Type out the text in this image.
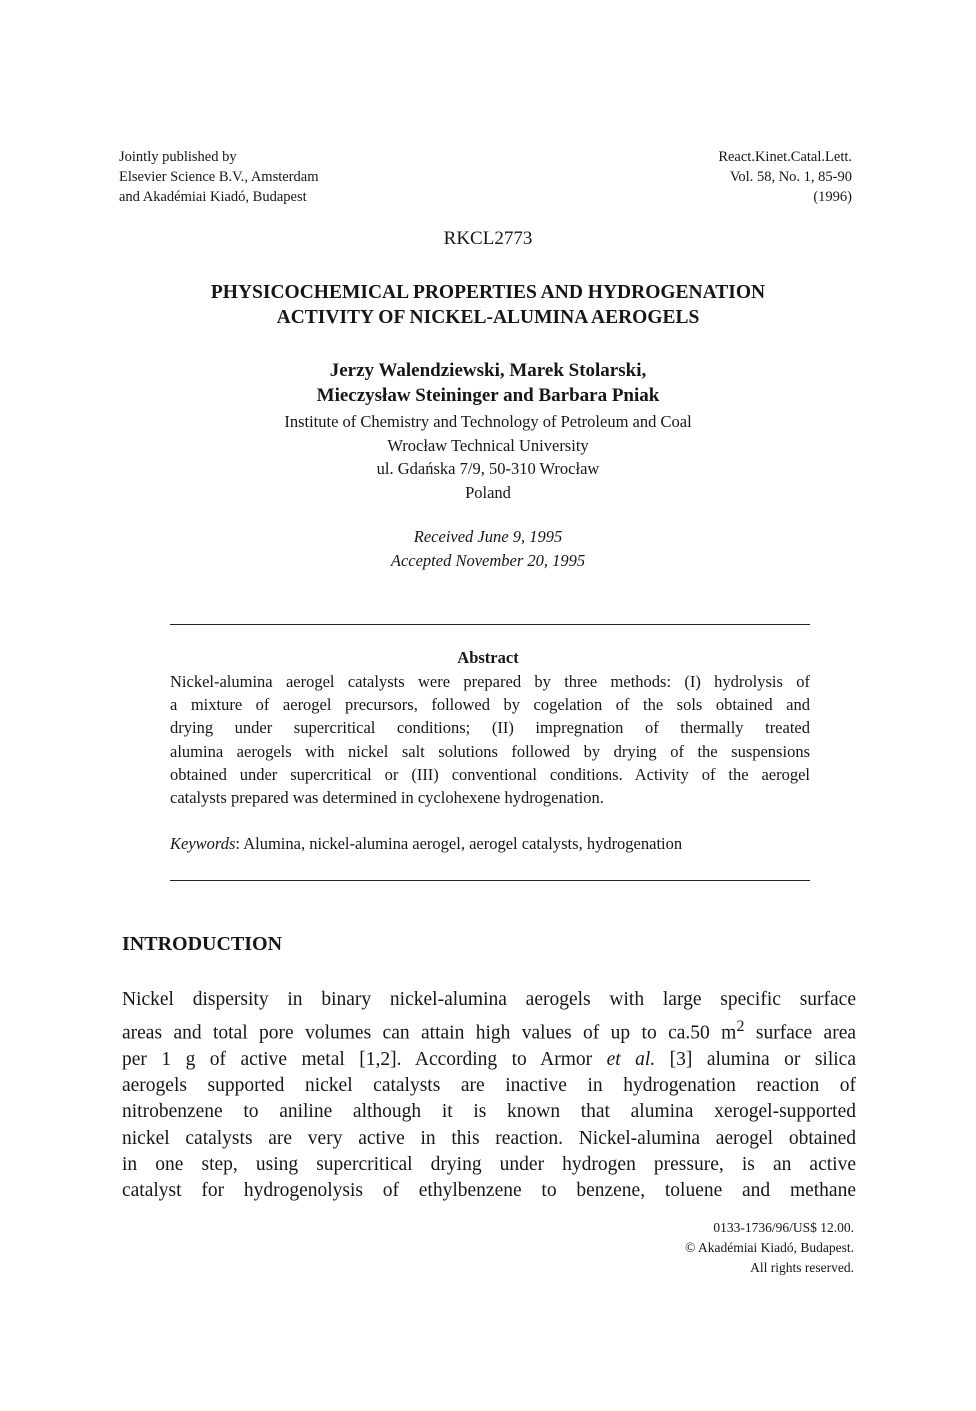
Jointly published by
Elsevier Science B.V., Amsterdam
and Akadémiai Kiadó, Budapest
React.Kinet.Catal.Lett.
Vol. 58, No. 1, 85-90
(1996)
RKCL2773
PHYSICOCHEMICAL PROPERTIES AND HYDROGENATION
ACTIVITY OF NICKEL-ALUMINA AEROGELS
Jerzy Walendziewski, Marek Stolarski,
Mieczysław Steininger and Barbara Pniak
Institute of Chemistry and Technology of Petroleum and Coal
Wrocław Technical University
ul. Gdańska 7/9, 50-310 Wrocław
Poland
Received June 9, 1995
Accepted November 20, 1995
Abstract
Nickel-alumina aerogel catalysts were prepared by three methods: (I) hydrolysis of
a mixture of aerogel precursors, followed by cogelation of the sols obtained and
drying under supercritical conditions; (II) impregnation of thermally treated
alumina aerogels with nickel salt solutions followed by drying of the suspensions
obtained under supercritical or (III) conventional conditions. Activity of the aerogel
catalysts prepared was determined in cyclohexene hydrogenation.
Keywords: Alumina, nickel-alumina aerogel, aerogel catalysts, hydrogenation
INTRODUCTION
Nickel dispersity in binary nickel-alumina aerogels with large specific surface
areas and total pore volumes can attain high values of up to ca.50 $m^2$ surface area
per 1 g of active metal [1,2]. According to Armor et al. [3] alumina or silica
aerogels supported nickel catalysts are inactive in hydrogenation reaction of
nitrobenzene to aniline although it is known that alumina xerogel-supported
nickel catalysts are very active in this reaction. Nickel-alumina aerogel obtained
in one step, using supercritical drying under hydrogen pressure, is an active
catalyst for hydrogenolysis of ethylbenzene to benzene, toluene and methane
0133-1736/96/US$ 12.00.
© Akadémiai Kiadó, Budapest.
All rights reserved.
